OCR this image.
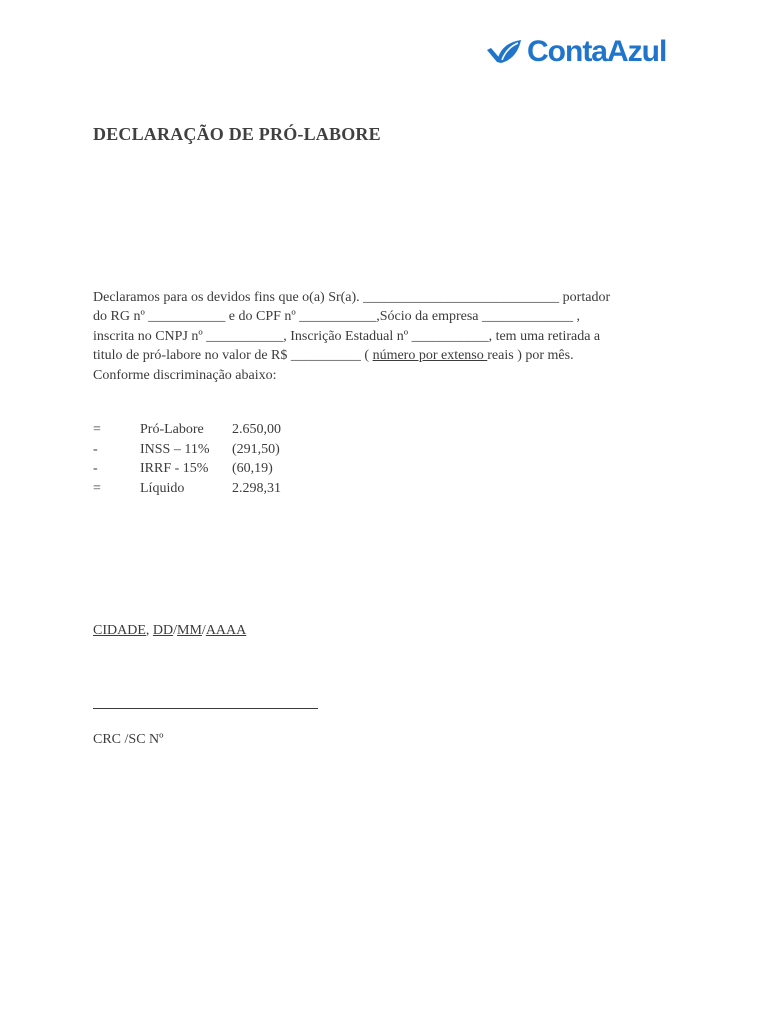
ContaAzul
DECLARAÇÃO DE PRÓ-LABORE
Declaramos para os devidos fins que o(a) Sr(a). ____________________________ portador
do RG nº ___________ e do CPF nº ___________,Sócio da empresa _____________ ,
inscrita no CNPJ nº ___________, Inscrição Estadual nº ___________, tem uma retirada a
titulo de pró-labore no valor de R$ __________ ( número por extenso reais ) por mês.
Conforme discriminação abaixo:
=	Pró-Labore	2.650,00
-	INSS – 11%	(291,50)
-	IRRF - 15%	(60,19)
=	Líquido	2.298,31
CIDADE, DD/MM/AAAA
CRC /SC Nº
